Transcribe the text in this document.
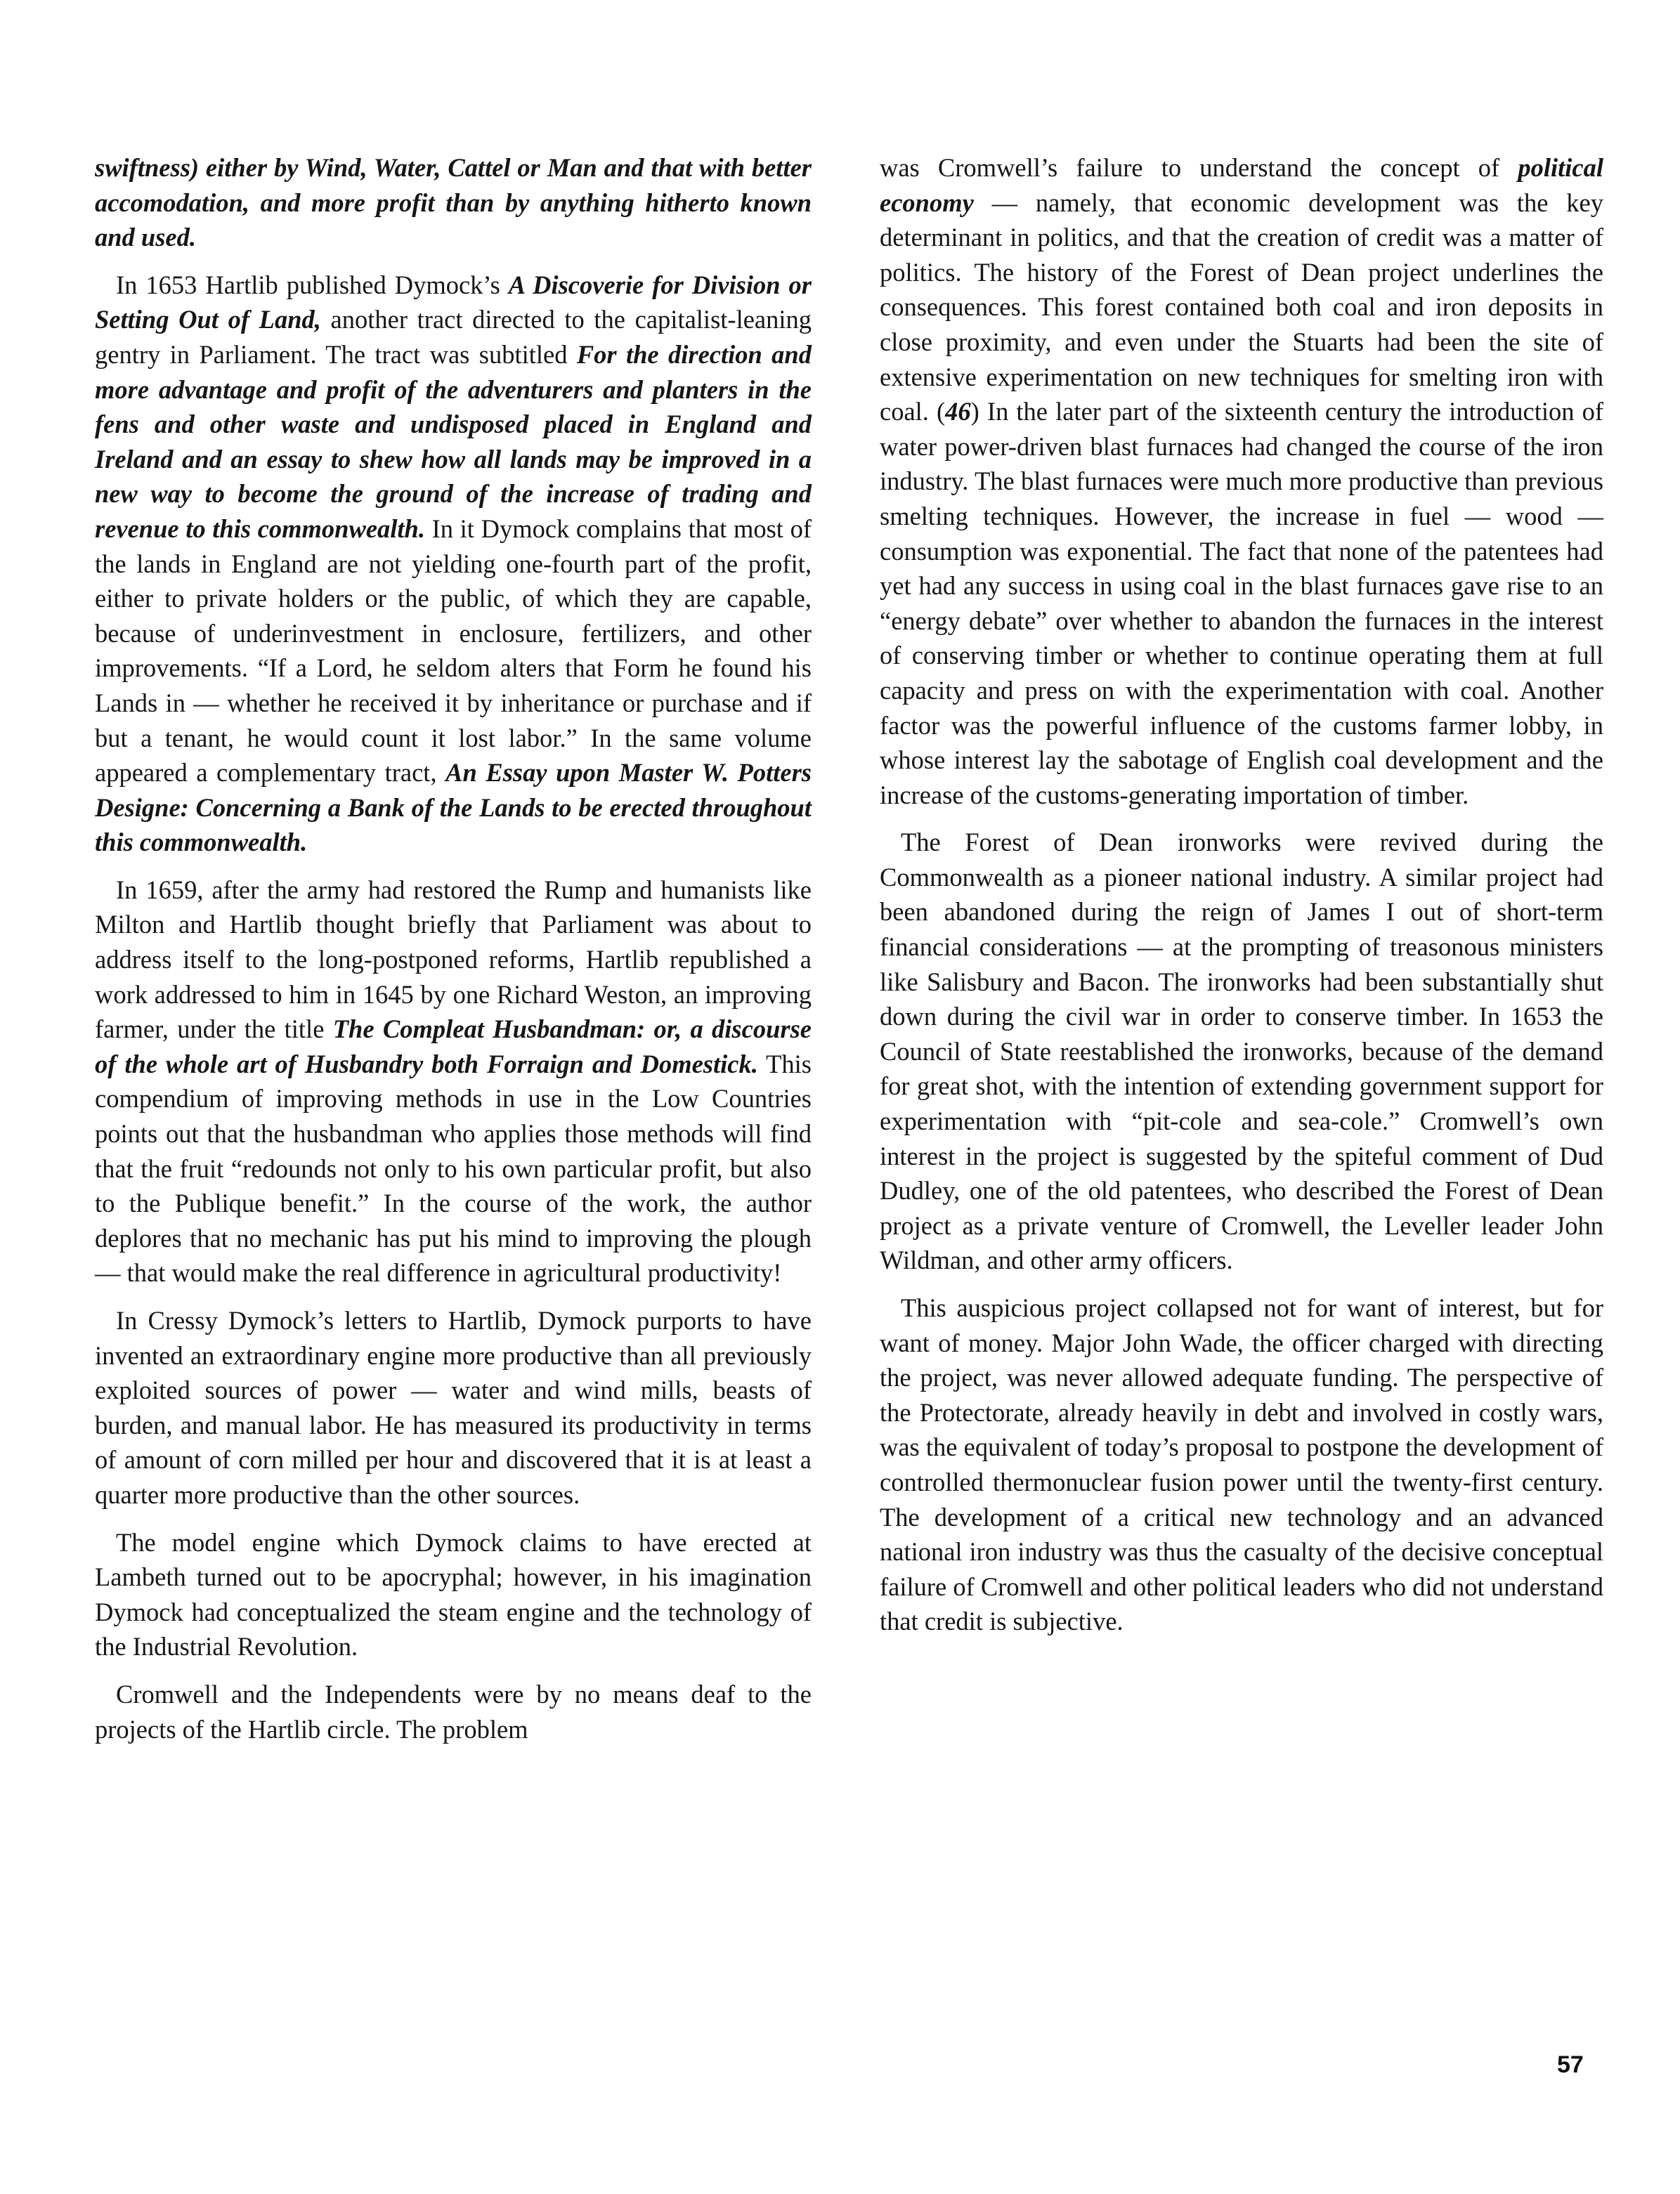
swiftness) either by Wind, Water, Cattel or Man and that with better accomodation, and more profit than by anything hitherto known and used.

In 1653 Hartlib published Dymock’s A Discoverie for Division or Setting Out of Land, another tract directed to the capitalist-leaning gentry in Parliament. The tract was subtitled For the direction and more advantage and profit of the adventurers and planters in the fens and other waste and undisposed placed in England and Ireland and an essay to shew how all lands may be improved in a new way to become the ground of the increase of trading and revenue to this commonwealth. In it Dymock complains that most of the lands in England are not yielding one-fourth part of the profit, either to private holders or the public, of which they are capable, because of underinvestment in enclosure, fertilizers, and other improvements. “If a Lord, he seldom alters that Form he found his Lands in — whether he received it by inheritance or purchase and if but a tenant, he would count it lost labor.” In the same volume appeared a complementary tract, An Essay upon Master W. Potters Designe: Concerning a Bank of the Lands to be erected throughout this commonwealth.

In 1659, after the army had restored the Rump and humanists like Milton and Hartlib thought briefly that Parliament was about to address itself to the long-postponed reforms, Hartlib republished a work addressed to him in 1645 by one Richard Weston, an improving farmer, under the title The Compleat Husbandman: or, a discourse of the whole art of Husbandry both Forraign and Domestick. This compendium of improving methods in use in the Low Countries points out that the husbandman who applies those methods will find that the fruit “redounds not only to his own particular profit, but also to the Publique benefit.” In the course of the work, the author deplores that no mechanic has put his mind to improving the plough — that would make the real difference in agricultural productivity!

In Cressy Dymock’s letters to Hartlib, Dymock purports to have invented an extraordinary engine more productive than all previously exploited sources of power — water and wind mills, beasts of burden, and manual labor. He has measured its productivity in terms of amount of corn milled per hour and discovered that it is at least a quarter more productive than the other sources.

The model engine which Dymock claims to have erected at Lambeth turned out to be apocryphal; however, in his imagination Dymock had conceptualized the steam engine and the technology of the Industrial Revolution.

Cromwell and the Independents were by no means deaf to the projects of the Hartlib circle. The problem

was Cromwell’s failure to understand the concept of political economy — namely, that economic development was the key determinant in politics, and that the creation of credit was a matter of politics. The history of the Forest of Dean project underlines the consequences. This forest contained both coal and iron deposits in close proximity, and even under the Stuarts had been the site of extensive experimentation on new techniques for smelting iron with coal. (46) In the later part of the sixteenth century the introduction of water power-driven blast furnaces had changed the course of the iron industry. The blast furnaces were much more productive than previous smelting techniques. However, the increase in fuel — wood — consumption was exponential. The fact that none of the patentees had yet had any success in using coal in the blast furnaces gave rise to an “energy debate” over whether to abandon the furnaces in the interest of conserving timber or whether to continue operating them at full capacity and press on with the experimentation with coal. Another factor was the powerful influence of the customs farmer lobby, in whose interest lay the sabotage of English coal development and the increase of the customs-generating importation of timber.

The Forest of Dean ironworks were revived during the Commonwealth as a pioneer national industry. A similar project had been abandoned during the reign of James I out of short-term financial considerations — at the prompting of treasonous ministers like Salisbury and Bacon. The ironworks had been substantially shut down during the civil war in order to conserve timber. In 1653 the Council of State reestablished the ironworks, because of the demand for great shot, with the intention of extending government support for experimentation with “pit-cole and sea-cole.” Cromwell’s own interest in the project is suggested by the spiteful comment of Dud Dudley, one of the old patentees, who described the Forest of Dean project as a private venture of Cromwell, the Leveller leader John Wildman, and other army officers.

This auspicious project collapsed not for want of interest, but for want of money. Major John Wade, the officer charged with directing the project, was never allowed adequate funding. The perspective of the Protectorate, already heavily in debt and involved in costly wars, was the equivalent of today’s proposal to postpone the development of controlled thermonuclear fusion power until the twenty-first century. The development of a critical new technology and an advanced national iron industry was thus the casualty of the decisive conceptual failure of Cromwell and other political leaders who did not understand that credit is subjective.

57
